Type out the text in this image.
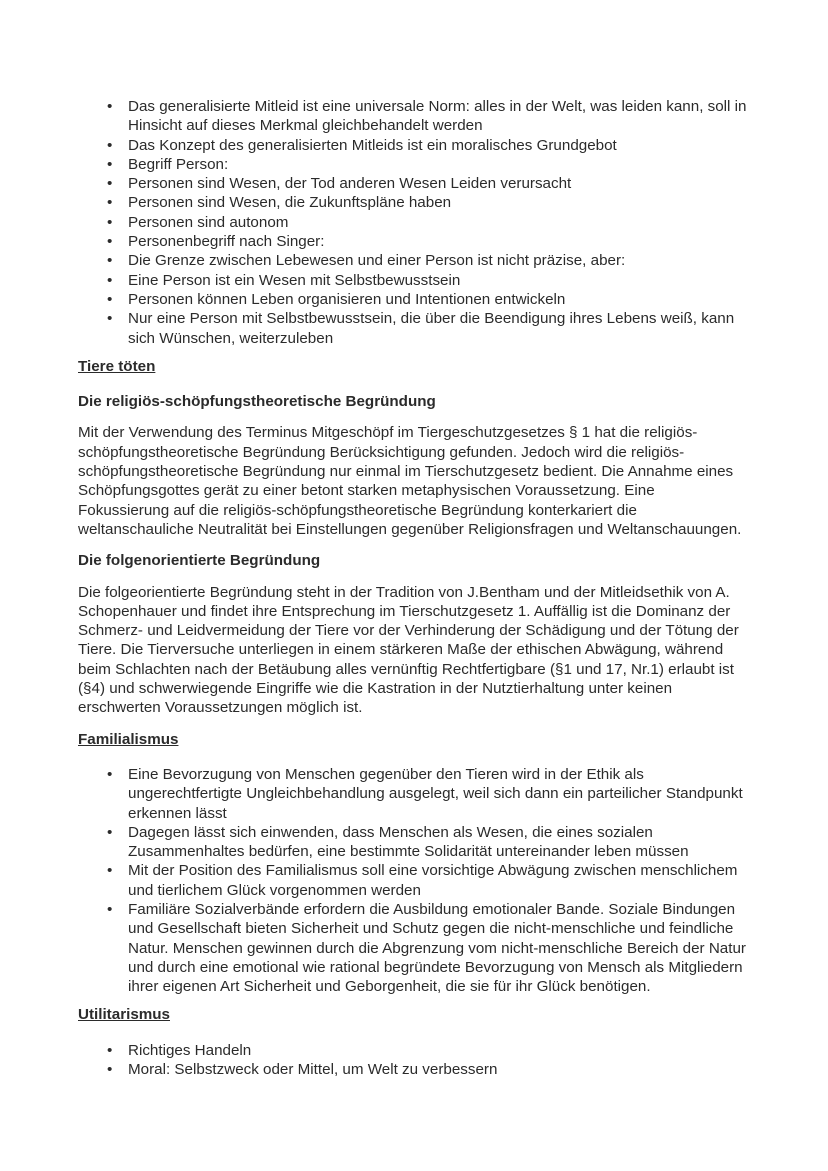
• Das generalisierte Mitleid ist eine universale Norm: alles in der Welt, was leiden kann, soll in Hinsicht auf dieses Merkmal gleichbehandelt werden
• Das Konzept des generalisierten Mitleids ist ein moralisches Grundgebot
• Begriff Person:
• Personen sind Wesen, der Tod anderen Wesen Leiden verursacht
• Personen sind Wesen, die Zukunftspläne haben
• Personen sind autonom
• Personenbegriff nach Singer:
• Die Grenze zwischen Lebewesen und einer Person ist nicht präzise, aber:
• Eine Person ist ein Wesen mit Selbstbewusstsein
• Personen können Leben organisieren und Intentionen entwickeln
• Nur eine Person mit Selbstbewusstsein, die über die Beendigung ihres Lebens weiß, kann sich Wünschen, weiterzuleben
Tiere töten
Die religiös-schöpfungstheoretische Begründung

Mit der Verwendung des Terminus Mitgeschöpf im Tiergeschutzgesetzes § 1 hat die religiös-schöpfungstheoretische Begründung Berücksichtigung gefunden. Jedoch wird die religiös-schöpfungstheoretische Begründung nur einmal im Tierschutzgesetz bedient. Die Annahme eines Schöpfungsgottes gerät zu einer betont starken metaphysischen Voraussetzung. Eine Fokussierung auf die religiös-schöpfungstheoretische Begründung konterkariert die weltanschauliche Neutralität bei Einstellungen gegenüber Religionsfragen und Weltanschauungen.

Die folgenorientierte Begründung

Die folgeorientierte Begründung steht in der Tradition von J.Bentham und der Mitleidsethik von A. Schopenhauer und findet ihre Entsprechung im Tierschutzgesetz 1. Auffällig ist die Dominanz der Schmerz- und Leidvermeidung der Tiere vor der Verhinderung der Schädigung und der Tötung der Tiere. Die Tierversuche unterliegen in einem stärkeren Maße der ethischen Abwägung, während beim Schlachten nach der Betäubung alles vernünftig Rechtfertigbare (§1 und 17, Nr.1) erlaubt ist (§4) und schwerwiegende Eingriffe wie die Kastration in der Nutztierhaltung unter keinen erschwerten Voraussetzungen möglich ist.

Familialismus
• Eine Bevorzugung von Menschen gegenüber den Tieren wird in der Ethik als ungerechtfertigte Ungleichbehandlung ausgelegt, weil sich dann ein parteilicher Standpunkt erkennen lässt
• Dagegen lässt sich einwenden, dass Menschen als Wesen, die eines sozialen Zusammenhaltes bedürfen, eine bestimmte Solidarität untereinander leben müssen
• Mit der Position des Familialismus soll eine vorsichtige Abwägung zwischen menschlichem und tierlichem Glück vorgenommen werden
• Familiäre Sozialverbände erfordern die Ausbildung emotionaler Bande. Soziale Bindungen und Gesellschaft bieten Sicherheit und Schutz gegen die nicht-menschliche und feindliche Natur. Menschen gewinnen durch die Abgrenzung vom nicht-menschliche Bereich der Natur und durch eine emotional wie rational begründete Bevorzugung von Mensch als Mitgliedern ihrer eigenen Art Sicherheit und Geborgenheit, die sie für ihr Glück benötigen.
Utilitarismus
• Richtiges Handeln
• Moral: Selbstzweck oder Mittel, um Welt zu verbessern
